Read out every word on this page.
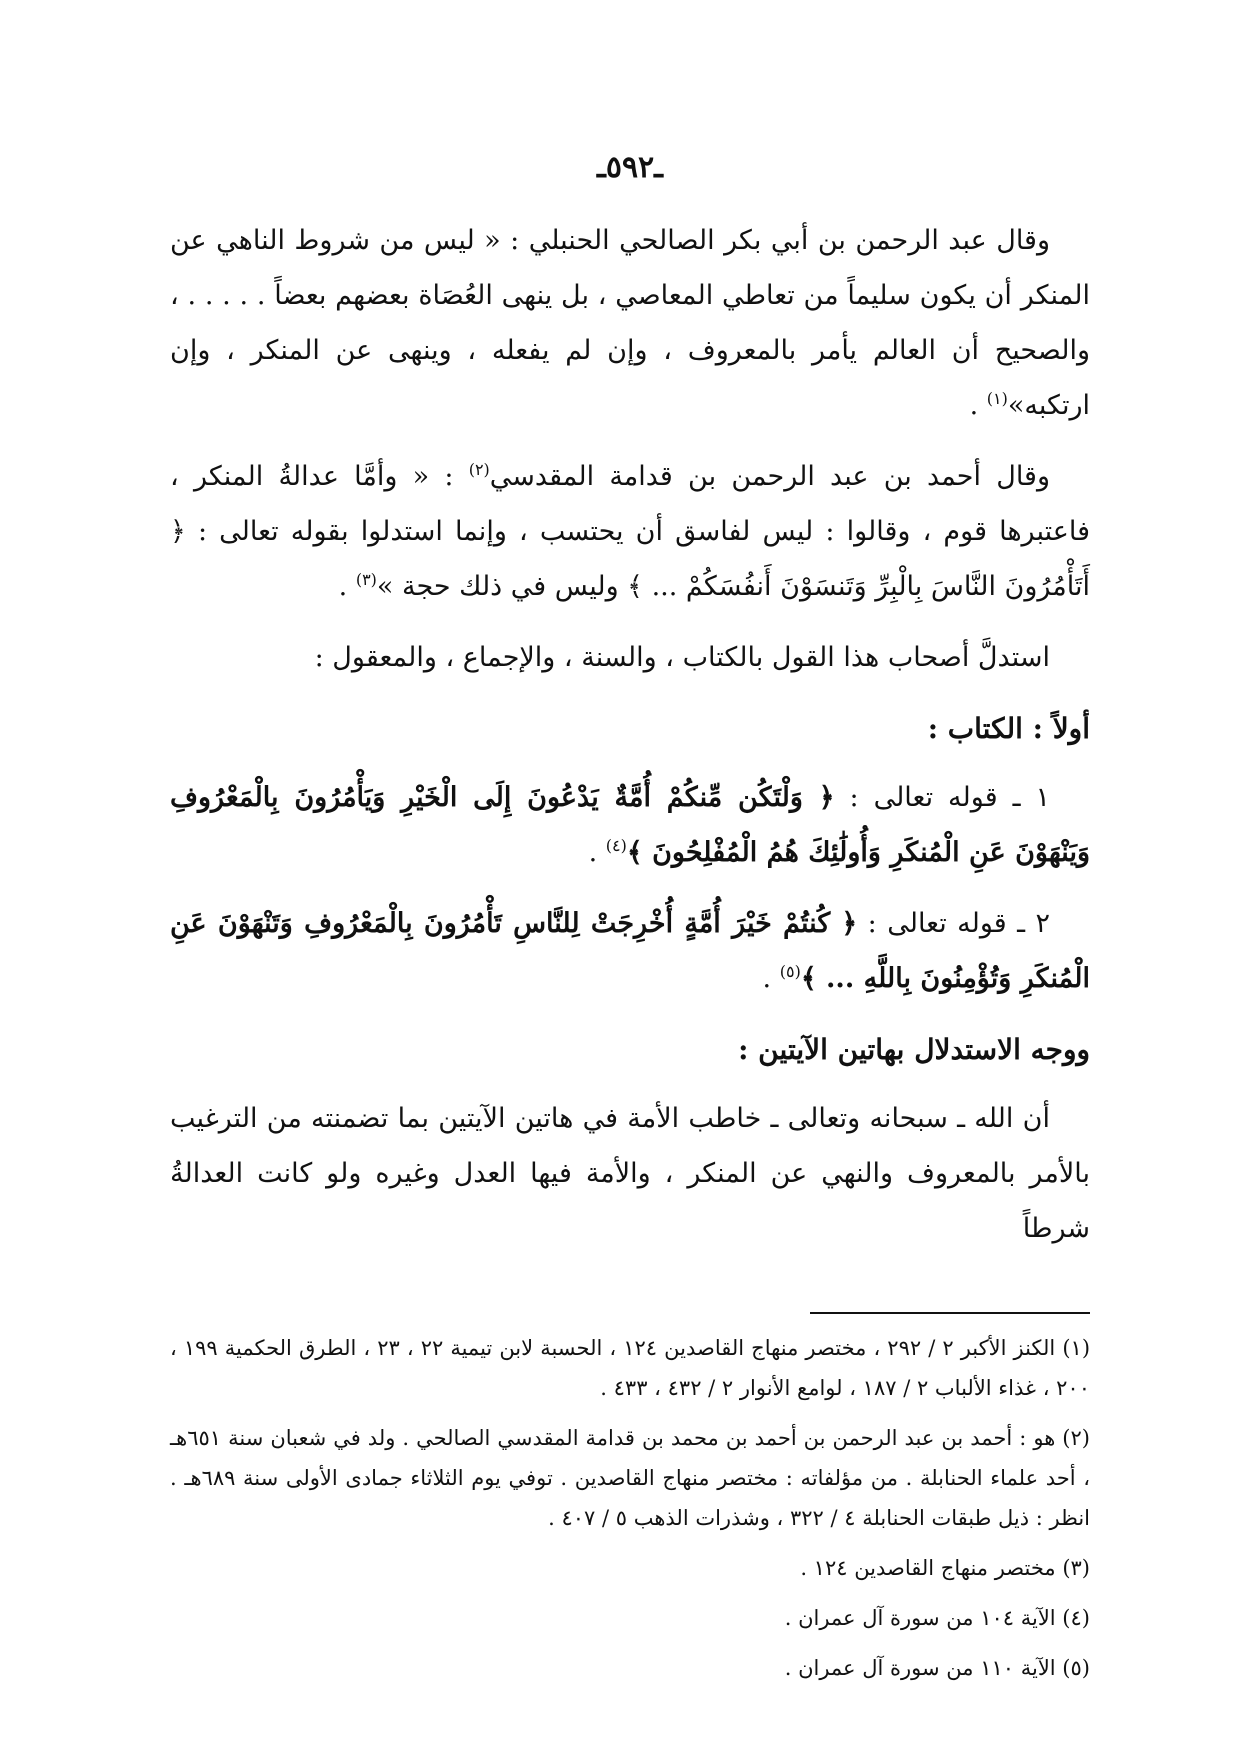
ـ٥٩٢ـ

وقال عبد الرحمن بن أبي بكر الصالحي الحنبلي : « ليس من شروط الناهي عن المنكر أن يكون سليماً من تعاطي المعاصي ، بل ينهى العُصَاة بعضهم بعضاً . . . . . ، والصحيح أن العالم يأمر بالمعروف ، وإن لم يفعله ، وينهى عن المنكر ، وإن ارتكبه»$^{(١)}$ .

وقال أحمد بن عبد الرحمن بن قدامة المقدسي$^{(٢)}$ : « وأمَّا عدالةُ المنكر ، فاعتبرها قوم ، وقالوا : ليس لفاسق أن يحتسب ، وإنما استدلوا بقوله تعالى : ﴿ أَتَأْمُرُونَ النَّاسَ بِالْبِرِّ وَتَنسَوْنَ أَنفُسَكُمْ ... ﴾ وليس في ذلك حجة »$^{(٣)}$ .

استدلَّ أصحاب هذا القول بالكتاب ، والسنة ، والإجماع ، والمعقول :

أولاً : الكتاب :

١ ـ قوله تعالى : ﴿ وَلْتَكُن مِّنكُمْ أُمَّةٌ يَدْعُونَ إِلَى الْخَيْرِ وَيَأْمُرُونَ بِالْمَعْرُوفِ وَيَنْهَوْنَ عَنِ الْمُنكَرِ وَأُولَٰئِكَ هُمُ الْمُفْلِحُونَ ﴾$^{(٤)}$ .

٢ ـ قوله تعالى : ﴿ كُنتُمْ خَيْرَ أُمَّةٍ أُخْرِجَتْ لِلنَّاسِ تَأْمُرُونَ بِالْمَعْرُوفِ وَتَنْهَوْنَ عَنِ الْمُنكَرِ وَتُؤْمِنُونَ بِاللَّهِ ... ﴾$^{(٥)}$ .

ووجه الاستدلال بهاتين الآيتين :

أن الله ـ سبحانه وتعالى ـ خاطب الأمة في هاتين الآيتين بما تضمنته من الترغيب بالأمر بالمعروف والنهي عن المنكر ، والأمة فيها العدل وغيره ولو كانت العدالةُ شرطاً

(١) الكنز الأكبر ٢ / ٢٩٢ ، مختصر منهاج القاصدين ١٢٤ ، الحسبة لابن تيمية ٢٢ ، ٢٣ ، الطرق الحكمية ١٩٩ ، ٢٠٠ ، غذاء الألباب ٢ / ١٨٧ ، لوامع الأنوار ٢ / ٤٣٢ ، ٤٣٣ .

(٢) هو : أحمد بن عبد الرحمن بن أحمد بن محمد بن قدامة المقدسي الصالحي . ولد في شعبان سنة ٦٥١هـ ، أحد علماء الحنابلة . من مؤلفاته : مختصر منهاج القاصدين . توفي يوم الثلاثاء جمادى الأولى سنة ٦٨٩هـ . انظر : ذيل طبقات الحنابلة ٤ / ٣٢٢ ، وشذرات الذهب ٥ / ٤٠٧ .

(٣) مختصر منهاج القاصدين ١٢٤ .

(٤) الآية ١٠٤ من سورة آل عمران .

(٥) الآية ١١٠ من سورة آل عمران .
